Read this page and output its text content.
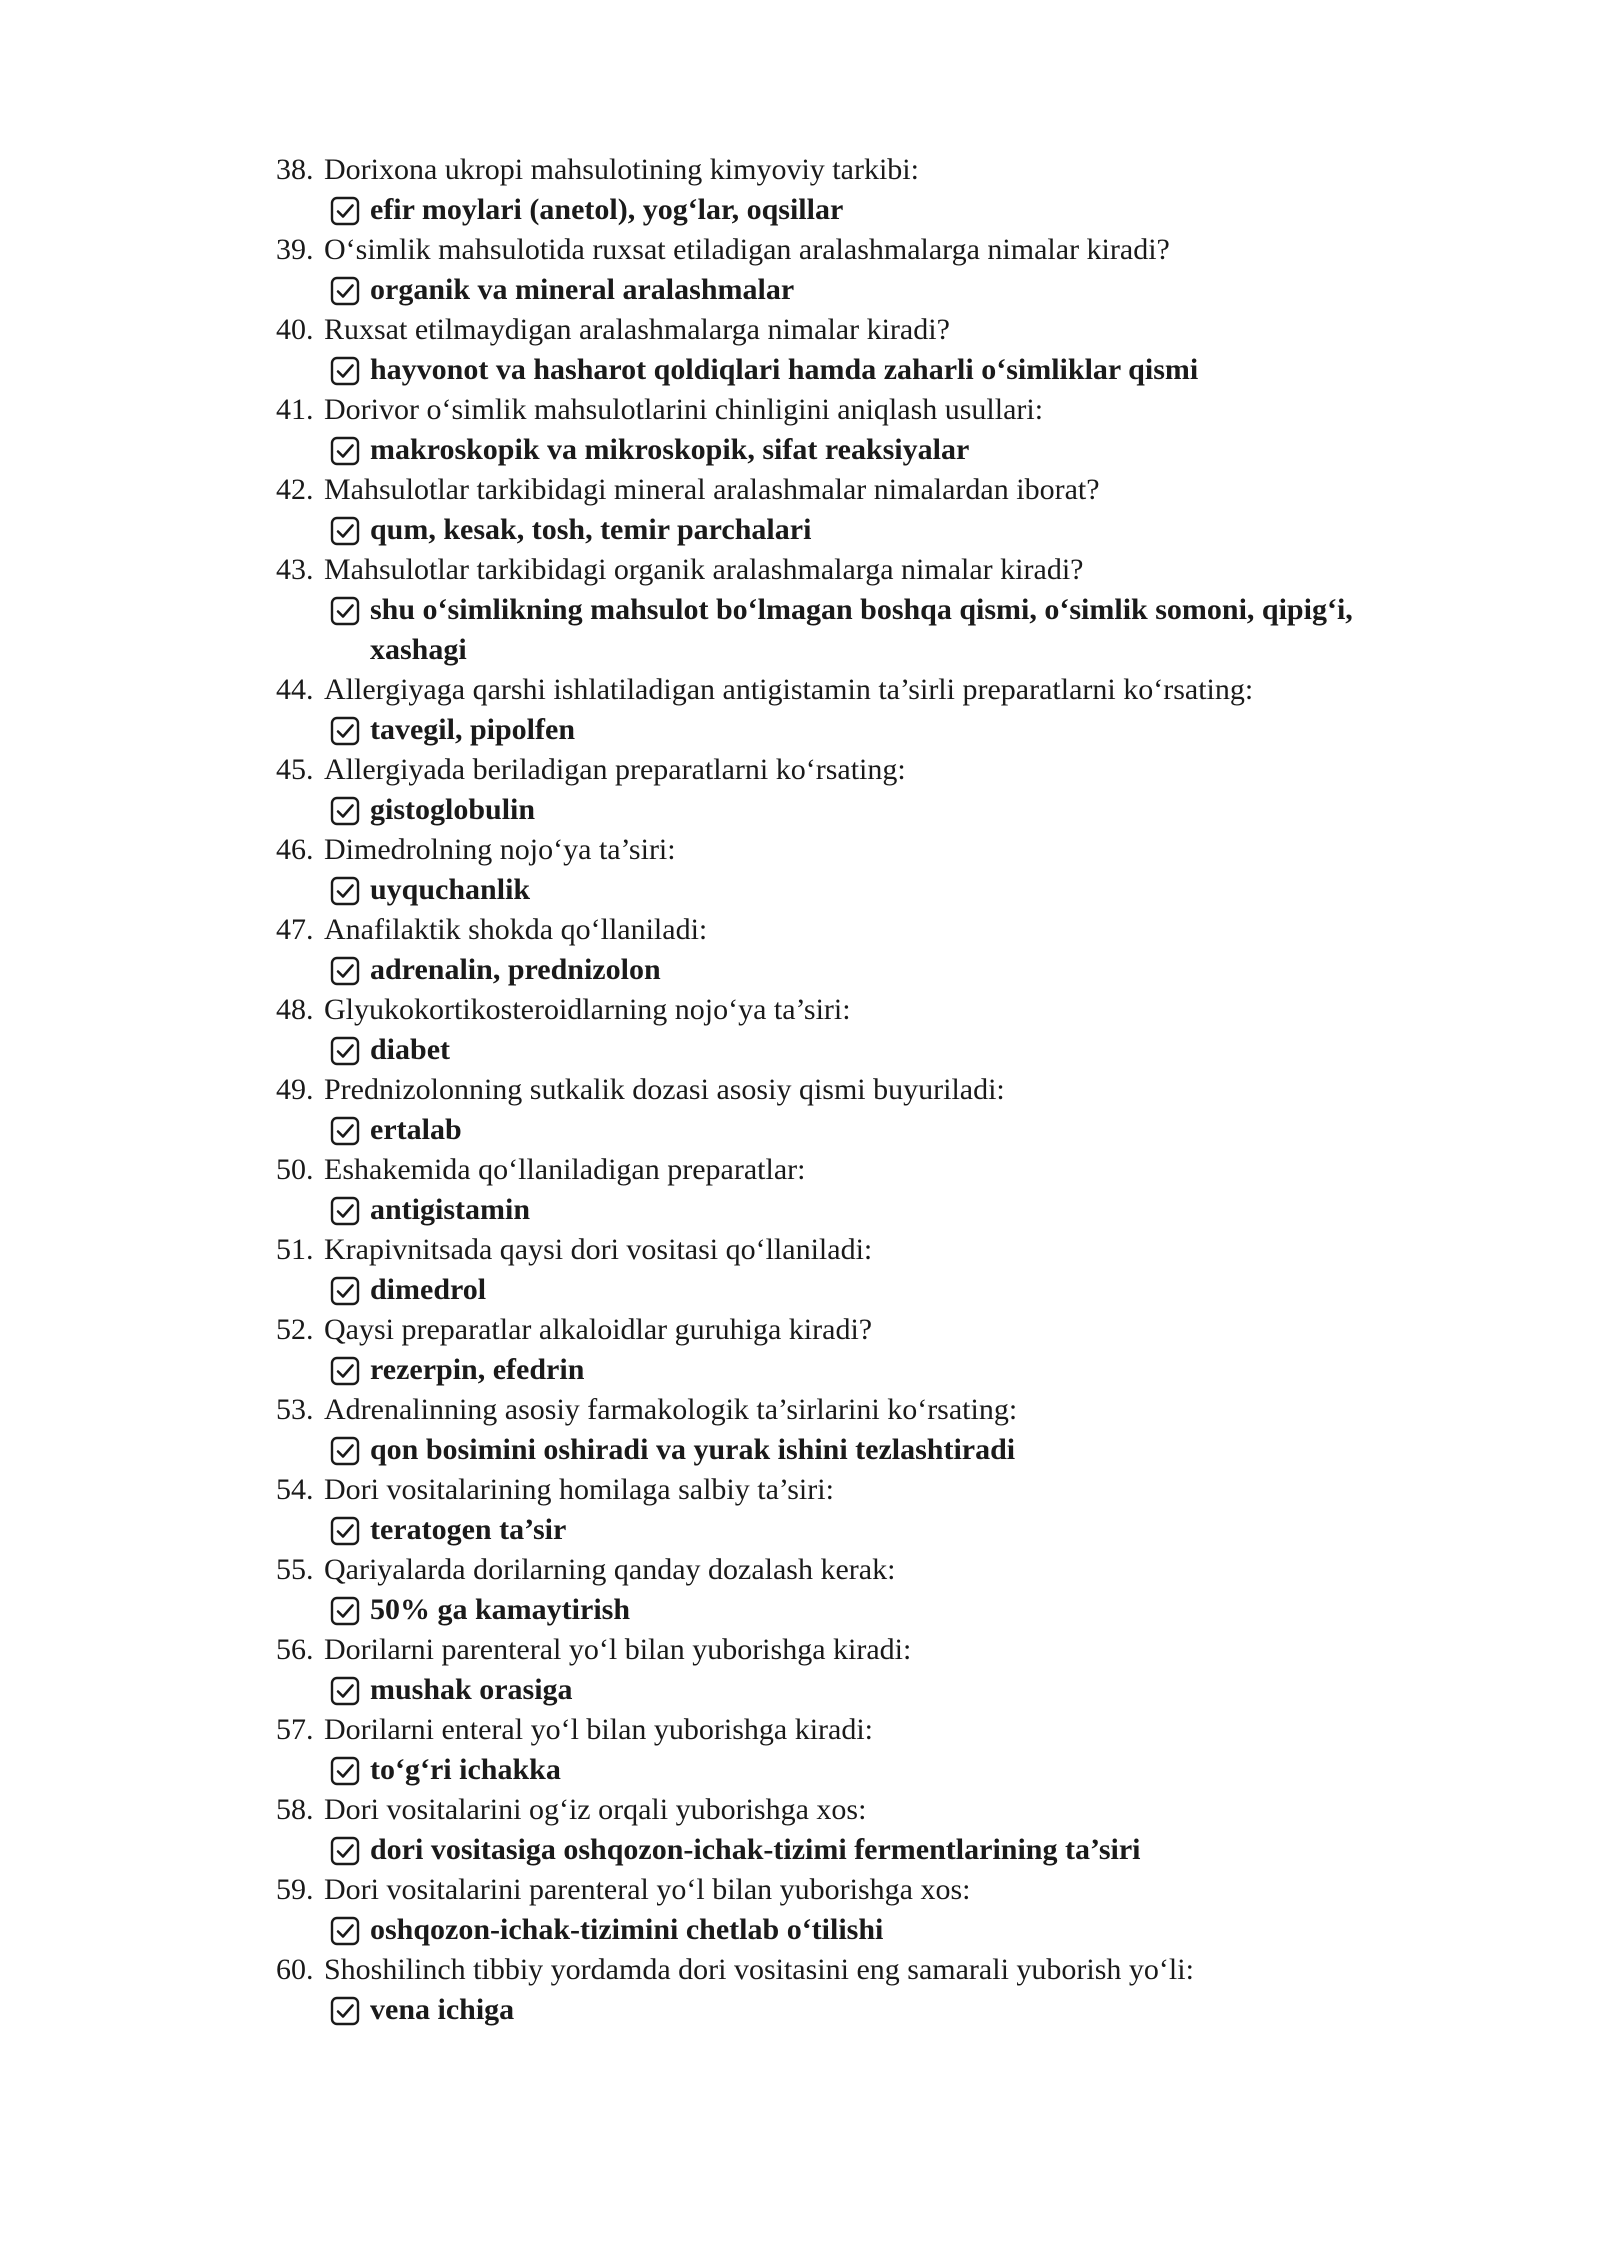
38. Dorixona ukropi mahsulotining kimyoviy tarkibi:
efir moylari (anetol), yog‘lar, oqsillar
39. O‘simlik mahsulotida ruxsat etiladigan aralashmalarga nimalar kiradi?
organik va mineral aralashmalar
40. Ruxsat etilmaydigan aralashmalarga nimalar kiradi?
hayvonot va hasharot qoldiqlari hamda zaharli o‘simliklar qismi
41. Dorivor o‘simlik mahsulotlarini chinligini aniqlash usullari:
makroskopik va mikroskopik, sifat reaksiyalar
42. Mahsulotlar tarkibidagi mineral aralashmalar nimalardan iborat?
qum, kesak, tosh, temir parchalari
43. Mahsulotlar tarkibidagi organik aralashmalarga nimalar kiradi?
shu o‘simlikning mahsulot bo‘lmagan boshqa qismi, o‘simlik somoni, qipig‘i, xashagi
44. Allergiyaga qarshi ishlatiladigan antigistamin ta’sirli preparatlarni ko‘rsating:
tavegil, pipolfen
45. Allergiyada beriladigan preparatlarni ko‘rsating:
gistoglobulin
46. Dimedrolning nojo‘ya ta’siri:
uyquchanlik
47. Anafilaktik shokda qo‘llaniladi:
adrenalin, prednizolon
48. Glyukokortikosteroidlarning nojo‘ya ta’siri:
diabet
49. Prednizolonning sutkalik dozasi asosiy qismi buyuriladi:
ertalab
50. Eshakemida qo‘llaniladigan preparatlar:
antigistamin
51. Krapivnitsada qaysi dori vositasi qo‘llaniladi:
dimedrol
52. Qaysi preparatlar alkaloidlar guruhiga kiradi?
rezerpin, efedrin
53. Adrenalinning asosiy farmakologik ta’sirlarini ko‘rsating:
qon bosimini oshiradi va yurak ishini tezlashtiradi
54. Dori vositalarining homilaga salbiy ta’siri:
teratogen ta’sir
55. Qariyalarda dorilarning qanday dozalash kerak:
50% ga kamaytirish
56. Dorilarni parenteral yo‘l bilan yuborishga kiradi:
mushak orasiga
57. Dorilarni enteral yo‘l bilan yuborishga kiradi:
to‘g‘ri ichakka
58. Dori vositalarini og‘iz orqali yuborishga xos:
dori vositasiga oshqozon-ichak-tizimi fermentlarining ta’siri
59. Dori vositalarini parenteral yo‘l bilan yuborishga xos:
oshqozon-ichak-tizimini chetlab o‘tilishi
60. Shoshilinch tibbiy yordamda dori vositasini eng samarali yuborish yo‘li:
vena ichiga
